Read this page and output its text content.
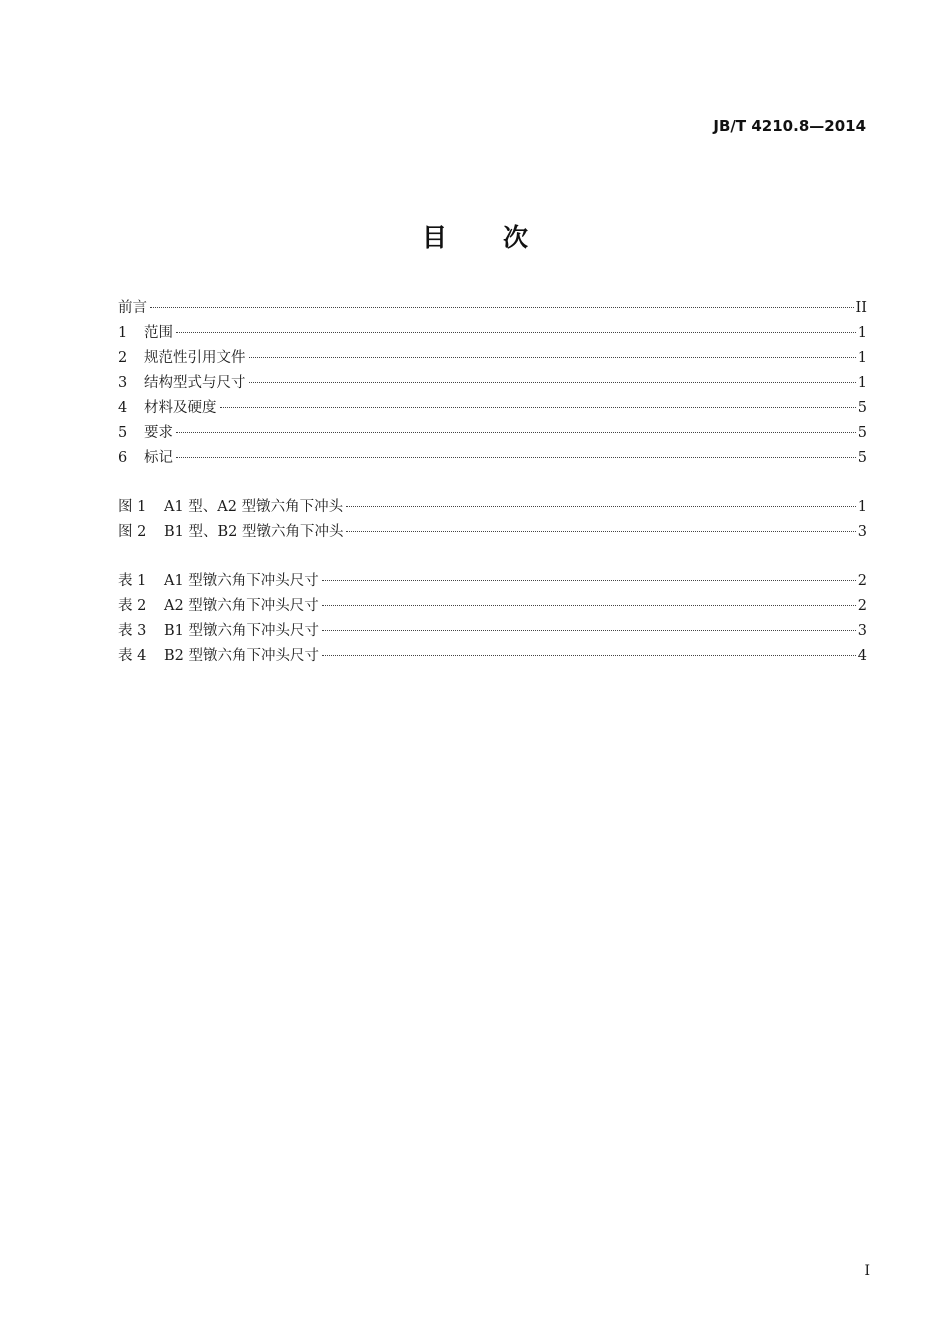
JB/T 4210.8—2014
目次
前言	II
1	范围	1
2	规范性引用文件	1
3	结构型式与尺寸	1
4	材料及硬度	5
5	要求	5
6	标记	5
图 1	A1 型、A2 型镦六角下冲头	1
图 2	B1 型、B2 型镦六角下冲头	3
表 1	A1 型镦六角下冲头尺寸	2
表 2	A2 型镦六角下冲头尺寸	2
表 3	B1 型镦六角下冲头尺寸	3
表 4	B2 型镦六角下冲头尺寸	4
I
